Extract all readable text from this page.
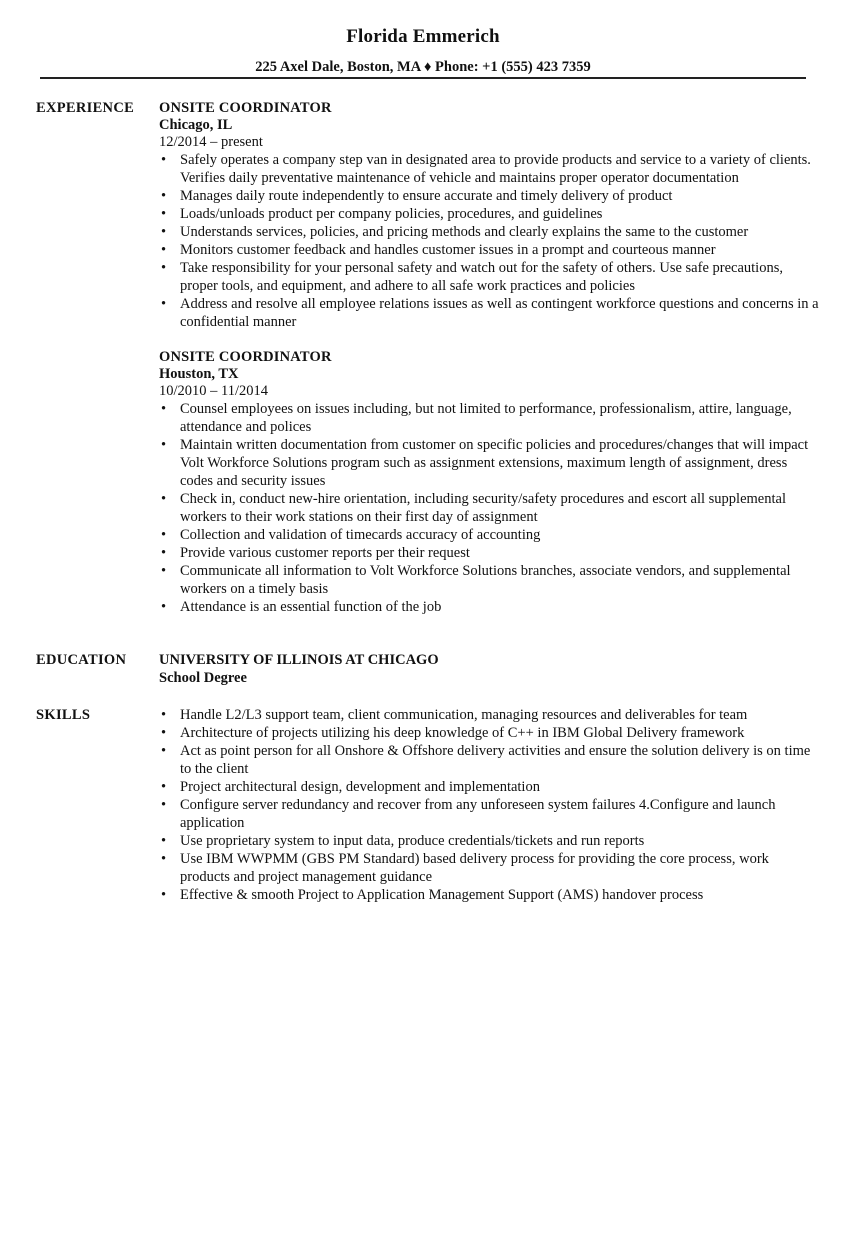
Florida Emmerich
225 Axel Dale, Boston, MA ♦ Phone: +1 (555) 423 7359
EXPERIENCE ONSITE COORDINATOR
Chicago, IL
12/2014 – present
• Safely operates a company step van in designated area to provide products and service to a variety of clients. Verifies daily preventative maintenance of vehicle and maintains proper operator documentation
• Manages daily route independently to ensure accurate and timely delivery of product
• Loads/unloads product per company policies, procedures, and guidelines
• Understands services, policies, and pricing methods and clearly explains the same to the customer
• Monitors customer feedback and handles customer issues in a prompt and courteous manner
• Take responsibility for your personal safety and watch out for the safety of others. Use safe precautions, proper tools, and equipment, and adhere to all safe work practices and policies
• Address and resolve all employee relations issues as well as contingent workforce questions and concerns in a confidential manner
ONSITE COORDINATOR
Houston, TX
10/2010 – 11/2014
• Counsel employees on issues including, but not limited to performance, professionalism, attire, language, attendance and polices
• Maintain written documentation from customer on specific policies and procedures/changes that will impact Volt Workforce Solutions program such as assignment extensions, maximum length of assignment, dress codes and security issues
• Check in, conduct new-hire orientation, including security/safety procedures and escort all supplemental workers to their work stations on their first day of assignment
• Collection and validation of timecards accuracy of accounting
• Provide various customer reports per their request
• Communicate all information to Volt Workforce Solutions branches, associate vendors, and supplemental workers on a timely basis
• Attendance is an essential function of the job
EDUCATION UNIVERSITY OF ILLINOIS AT CHICAGO
School Degree
SKILLS	• Handle L2/L3 support team, client communication, managing resources and deliverables for team
• Architecture of projects utilizing his deep knowledge of C++ in IBM Global Delivery framework
• Act as point person for all Onshore & Offshore delivery activities and ensure the solution delivery is on time to the client
• Project architectural design, development and implementation
• Configure server redundancy and recover from any unforeseen system failures 4.Configure and launch application
• Use proprietary system to input data, produce credentials/tickets and run reports
• Use IBM WWPMM (GBS PM Standard) based delivery process for providing the core process, work products and project management guidance
• Effective & smooth Project to Application Management Support (AMS) handover process
